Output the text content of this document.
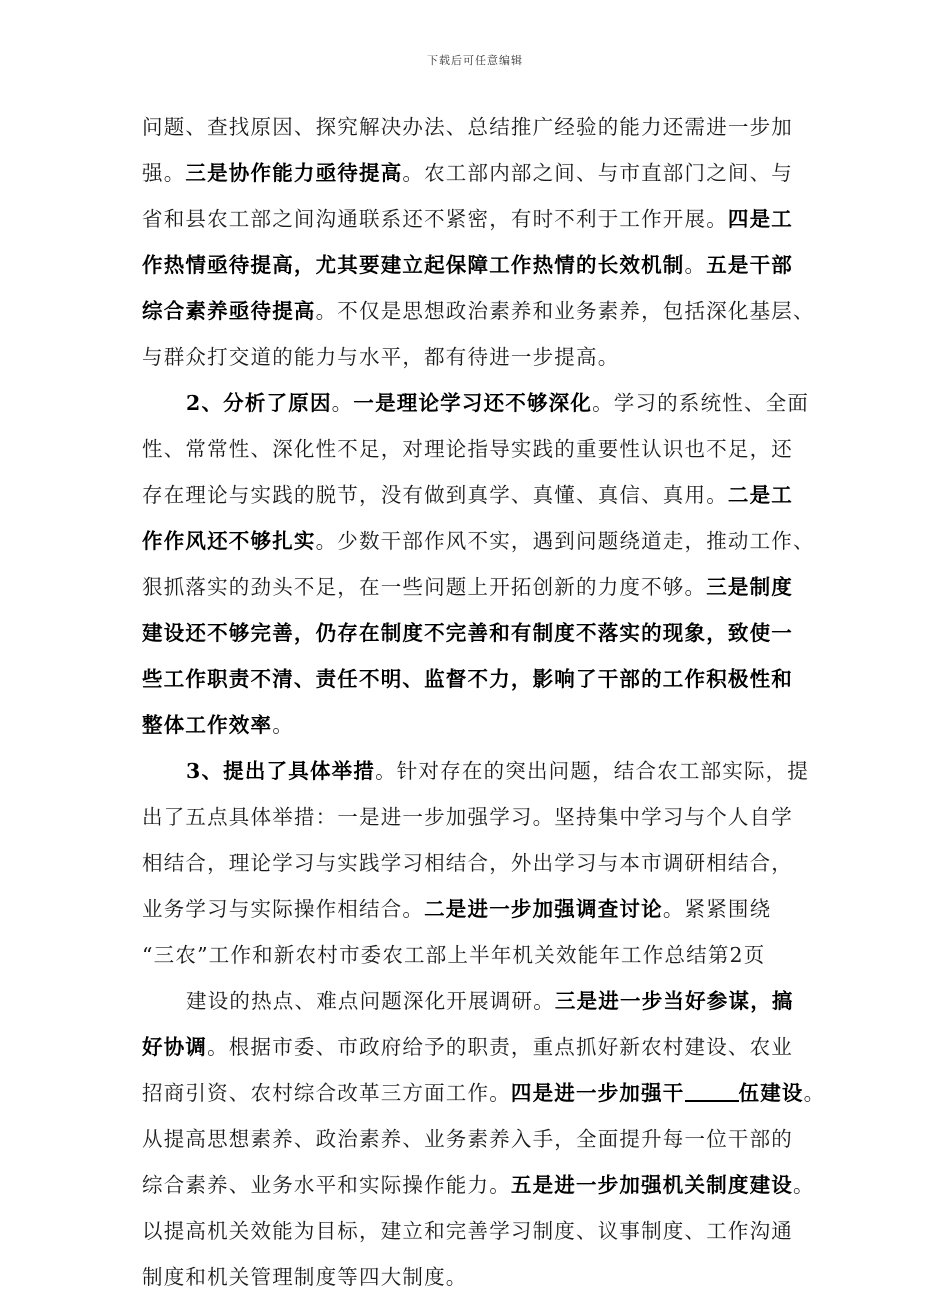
下载后可任意编辑
问题、查找原因、探究解决办法、总结推广经验的能力还需进一步加
强。三是协作能力亟待提高。农工部内部之间、与市直部门之间、与
省和县农工部之间沟通联系还不紧密，有时不利于工作开展。四是工
作热情亟待提高，尤其要建立起保障工作热情的长效机制。五是干部
综合素养亟待提高。不仅是思想政治素养和业务素养，包括深化基层、
与群众打交道的能力与水平，都有待进一步提高。
2、分析了原因。一是理论学习还不够深化。学习的系统性、全面
性、常常性、深化性不足，对理论指导实践的重要性认识也不足，还
存在理论与实践的脱节，没有做到真学、真懂、真信、真用。二是工
作作风还不够扎实。少数干部作风不实，遇到问题绕道走，推动工作、
狠抓落实的劲头不足，在一些问题上开拓创新的力度不够。三是制度
建设还不够完善，仍存在制度不完善和有制度不落实的现象，致使一
些工作职责不清、责任不明、监督不力，影响了干部的工作积极性和
整体工作效率。
3、提出了具体举措。针对存在的突出问题，结合农工部实际，提
出了五点具体举措：一是进一步加强学习。坚持集中学习与个人自学
相结合，理论学习与实践学习相结合，外出学习与本市调研相结合，
业务学习与实际操作相结合。二是进一步加强调查讨论。紧紧围绕
“三农”工作和新农村市委农工部上半年机关效能年工作总结第2页
建设的热点、难点问题深化开展调研。三是进一步当好参谋，搞
好协调。根据市委、市政府给予的职责，重点抓好新农村建设、农业
招商引资、农村综合改革三方面工作。四是进一步加强干	伍建设。
从提高思想素养、政治素养、业务素养入手，全面提升每一位干部的
综合素养、业务水平和实际操作能力。五是进一步加强机关制度建设。
以提高机关效能为目标，建立和完善学习制度、议事制度、工作沟通
制度和机关管理制度等四大制度。
